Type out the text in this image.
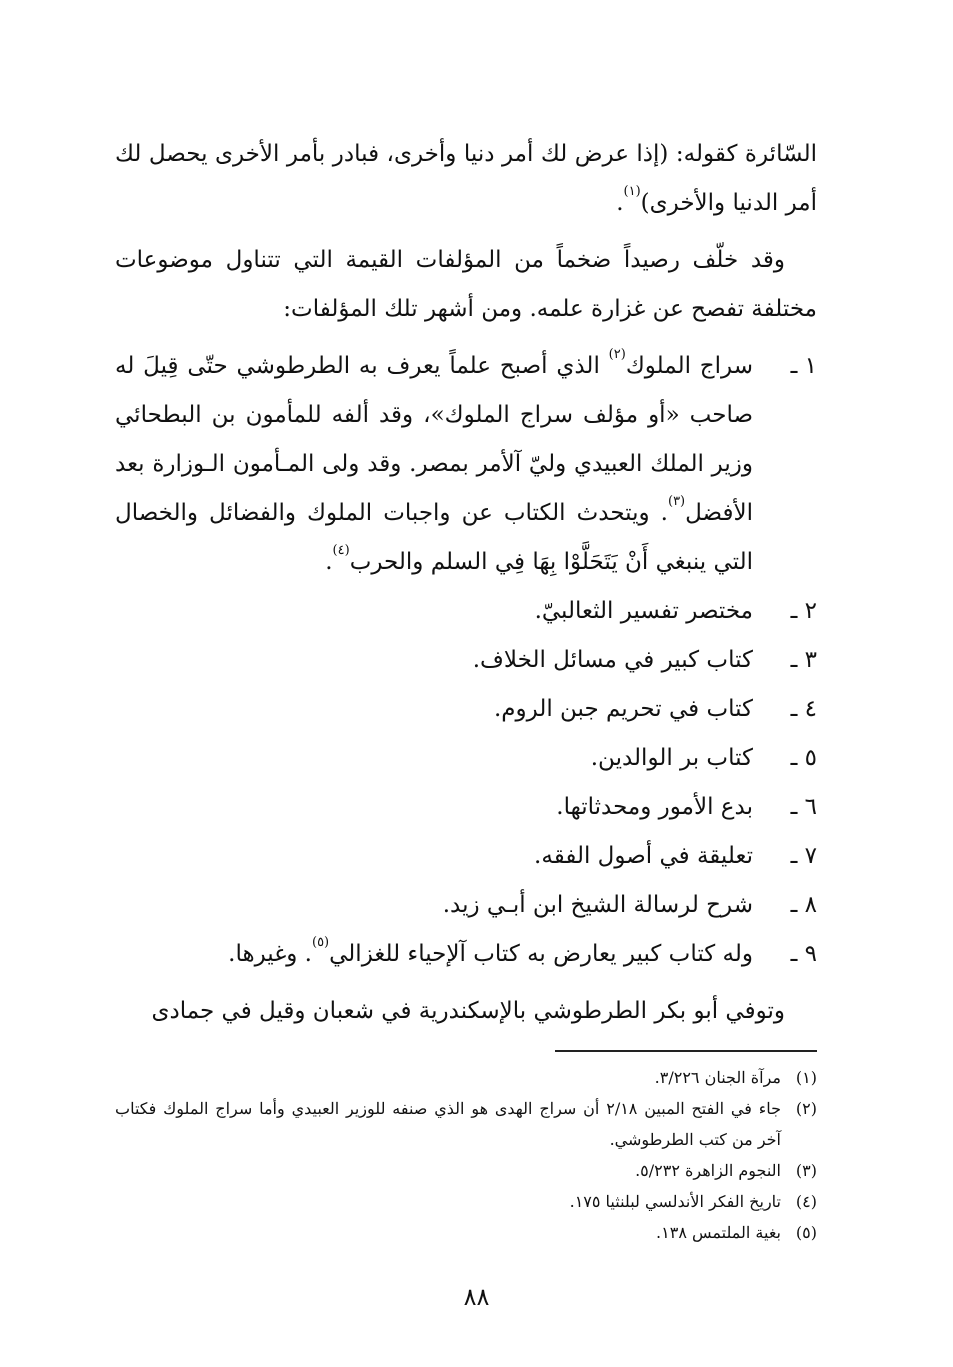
السّائرة كقوله: (إذا عرض لك أمر دنيا وأخرى، فبادر بأمر الأخرى يحصل لك أمر الدنيا والأخرى)$^{(١)}$.

وقد خلّف رصيداً ضخماً من المؤلفات القيمة التي تتناول موضوعات مختلفة تفصح عن غزارة علمه. ومن أشهر تلك المؤلفات:

١ ـ
سراج الملوك$^{(٢)}$ الذي أصبح علماً يعرف به الطرطوشي حتّى قِيلَ له صاحب «أو مؤلف سراج الملوك»، وقد ألفه للمأمون بن البطحائي وزير الملك العبيدي وليّ آلأمر بمصر. وقد ولى المـأمون الـوزارة بعد الأفضل$^{(٣)}$. ويتحدث الكتاب عن واجبات الملوك والفضائل والخصال التي ينبغي أَنْ يَتَحَلَّوْا بِهَا فِي السلم والحرب$^{(٤)}$.
٢ ـ
مختصر تفسير الثعالبيّ.
٣ ـ
كتاب كبير في مسائل الخلاف.
٤ ـ
كتاب في تحريم جبن الروم.
٥ ـ
كتاب بر الوالدين.
٦ ـ
بدع الأمور ومحدثاتها.
٧ ـ
تعليقة في أصول الفقه.
٨ ـ
شرح لرسالة الشيخ ابن أبـي زيد.
٩ ـ
وله كتاب كبير يعارض به كتاب آلإحياء للغزالي$^{(٥)}$. وغيرها.

وتوفي أبو بكر الطرطوشي بالإسكندرية في شعبان وقيل في جمادى

(١)
مرآة الجنان ٣/٢٢٦.
(٢)
جاء في الفتح المبين ٢/١٨ أن سراج الهدى هو الذي صنفه للوزير العبيدي وأما سراج الملوك فكتاب آخر من كتب الطرطوشي.
(٣)
النجوم الزاهرة ٥/٢٣٢.
(٤)
تاريخ الفكر الأندلسي لبلنثيا ١٧٥.
(٥)
بغية الملتمس ١٣٨.
٨٨
